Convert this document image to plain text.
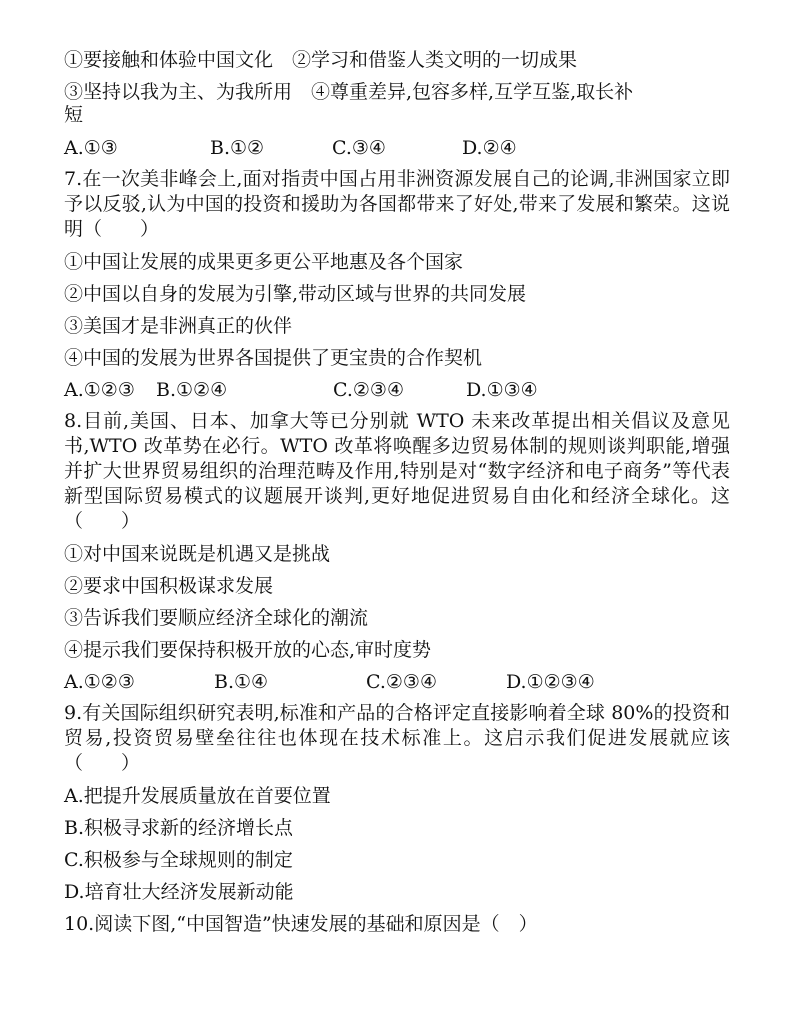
①要接触和体验中国文化　②学习和借鉴人类文明的一切成果

③坚持以我为主、为我所用　④尊重差异,包容多样,互学互鉴,取长补

短

A.①③	B.①②	C.③④	D.②④

7.在一次美非峰会上,面对指责中国占用非洲资源发展自己的论调,非洲国家立即予以反驳,认为中国的投资和援助为各国都带来了好处,带来了发展和繁荣。这说明（　　）

①中国让发展的成果更多更公平地惠及各个国家

②中国以自身的发展为引擎,带动区域与世界的共同发展

③美国才是非洲真正的伙伴

④中国的发展为世界各国提供了更宝贵的合作契机

A.①②③	B.①②④	C.②③④	D.①③④

8.目前,美国、日本、加拿大等已分别就 WTO 未来改革提出相关倡议及意见书,WTO 改革势在必行。WTO 改革将唤醒多边贸易体制的规则谈判职能,增强并扩大世界贸易组织的治理范畴及作用,特别是对“数字经济和电子商务”等代表新型国际贸易模式的议题展开谈判,更好地促进贸易自由化和经济全球化。这（　　）

①对中国来说既是机遇又是挑战

②要求中国积极谋求发展

③告诉我们要顺应经济全球化的潮流

④提示我们要保持积极开放的心态,审时度势

A.①②③	B.①④	C.②③④	D.①②③④

9.有关国际组织研究表明,标准和产品的合格评定直接影响着全球 80%的投资和贸易,投资贸易壁垒往往也体现在技术标准上。这启示我们促进发展就应该（　　）

A.把提升发展质量放在首要位置

B.积极寻求新的经济增长点

C.积极参与全球规则的制定

D.培育壮大经济发展新动能

10.阅读下图,“中国智造”快速发展的基础和原因是（　）
